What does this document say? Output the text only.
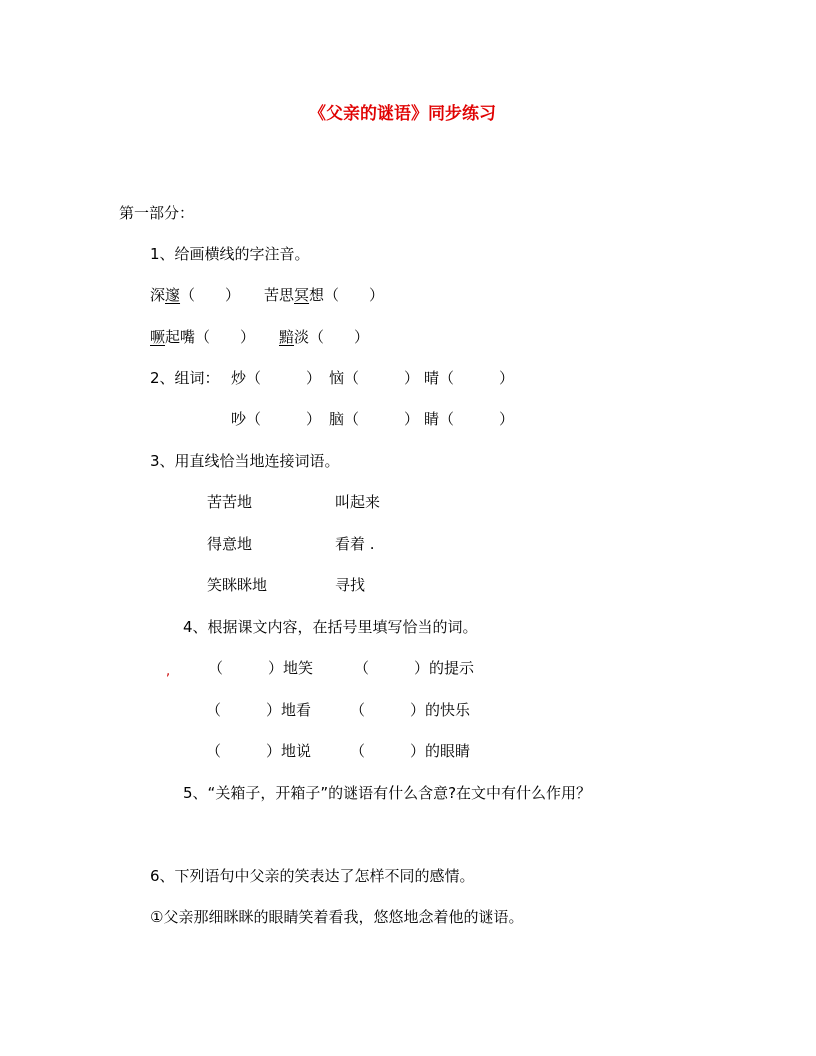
《父亲的谜语》同步练习
第一部分：
1、给画横线的字注音。
深邃（　　） 苦思冥想（　　）
噘起嘴（　　） 黯淡（　　）
2、组词： 炒（　　　） 恼（　　　） 晴（　　　）
吵（　　　） 脑（　　　） 睛（　　　）
3、用直线恰当地连接词语。
苦苦地	叫起来
得意地	看着 .
笑眯眯地	寻找
4、根据课文内容，在括号里填写恰当的词。
,	（　　　）地笑	（　　　）的提示
（　　　）地看	（　　　）的快乐
（　　　）地说	（　　　）的眼睛
5、“关箱子，开箱子”的谜语有什么含意?在文中有什么作用？
6、下列语句中父亲的笑表达了怎样不同的感情。
①父亲那细眯眯的眼睛笑着看我，悠悠地念着他的谜语。
